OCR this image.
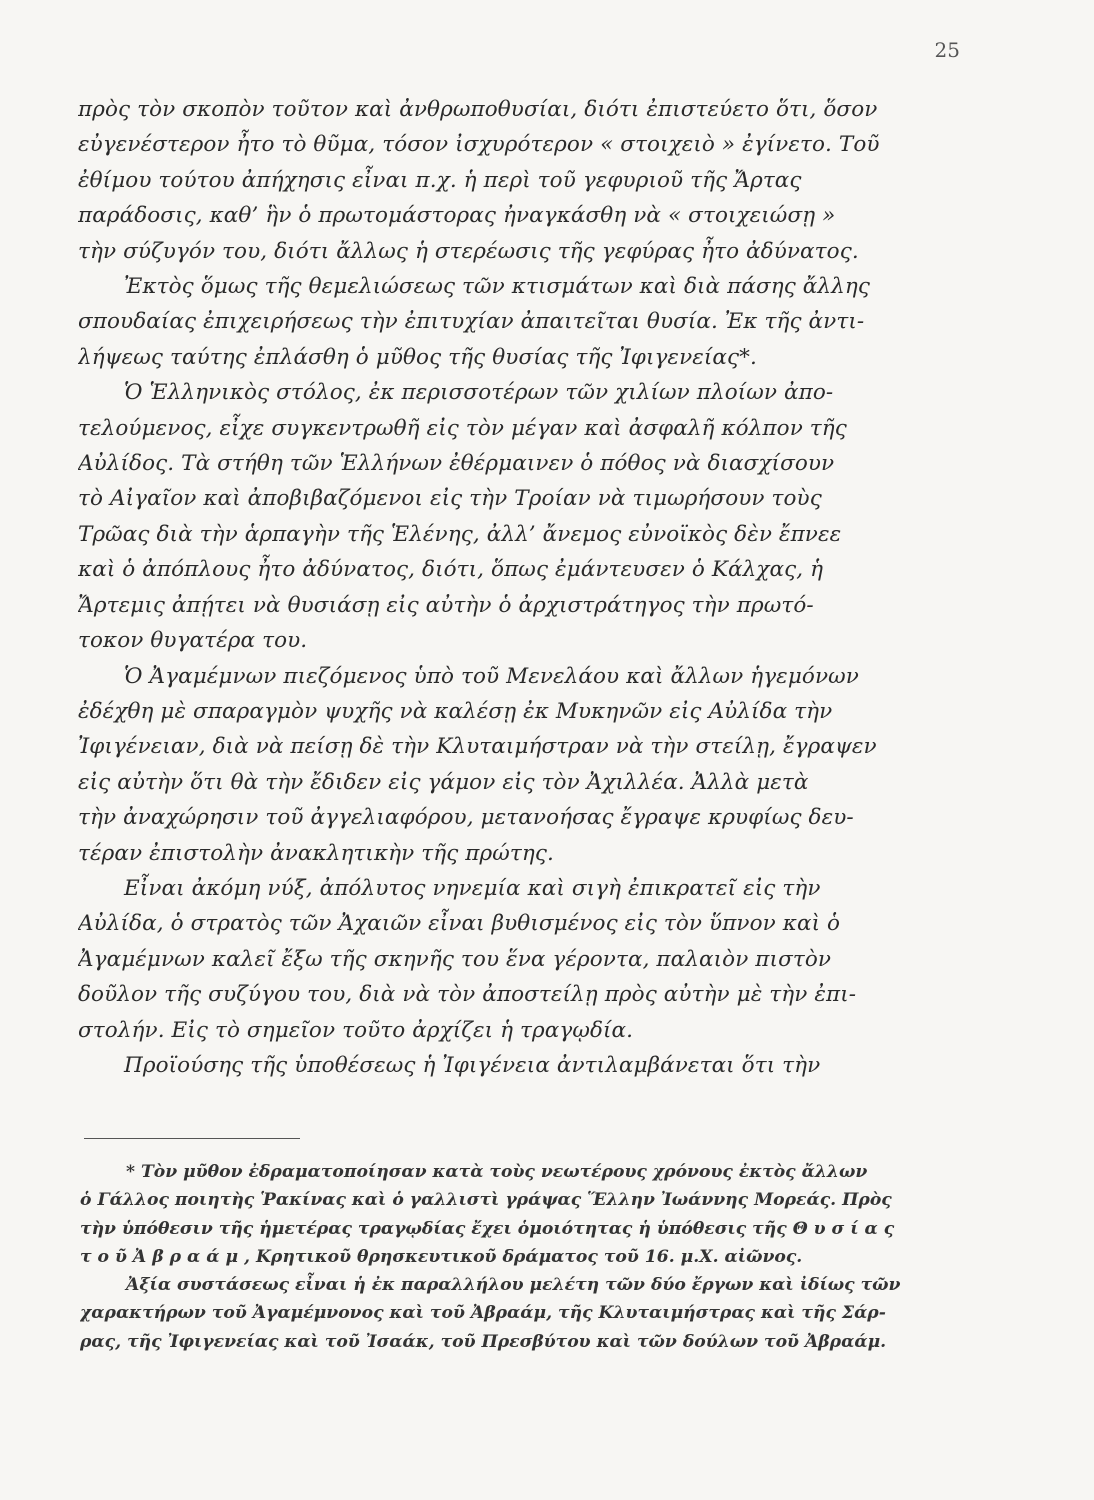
25
πρὸς τὸν σκοπὸν τοῦτον καὶ ἀνθρωποθυσίαι, διότι ἐπιστεύετο ὅτι, ὅσον
εὐγενέστερον ἦτο τὸ θῦμα, τόσον ἰσχυρότερον « στοιχειὸ » ἐγίνετο. Τοῦ
ἐθίμου τούτου ἀπήχησις εἶναι π.χ. ἡ περὶ τοῦ γεφυριοῦ τῆς Ἄρτας
παράδοσις, καθ’ ἣν ὁ πρωτομάστορας ἠναγκάσθη νὰ « στοιχειώσῃ »
τὴν σύζυγόν του, διότι ἄλλως ἡ στερέωσις τῆς γεφύρας ἦτο ἀδύνατος.
Ἐκτὸς ὅμως τῆς θεμελιώσεως τῶν κτισμάτων καὶ διὰ πάσης ἄλλης
σπουδαίας ἐπιχειρήσεως τὴν ἐπιτυχίαν ἀπαιτεῖται θυσία. Ἐκ τῆς ἀντι-
λήψεως ταύτης ἐπλάσθη ὁ μῦθος τῆς θυσίας τῆς Ἰφιγενείας*.
Ὁ Ἑλληνικὸς στόλος, ἐκ περισσοτέρων τῶν χιλίων πλοίων ἀπο-
τελούμενος, εἶχε συγκεντρωθῆ εἰς τὸν μέγαν καὶ ἀσφαλῆ κόλπον τῆς
Αὐλίδος. Τὰ στήθη τῶν Ἑλλήνων ἐθέρμαινεν ὁ πόθος νὰ διασχίσουν
τὸ Αἰγαῖον καὶ ἀποβιβαζόμενοι εἰς τὴν Τροίαν νὰ τιμωρήσουν τοὺς
Τρῶας διὰ τὴν ἁρπαγὴν τῆς Ἑλένης, ἀλλ’ ἄνεμος εὐνοϊκὸς δὲν ἔπνεε
καὶ ὁ ἀπόπλους ἦτο ἀδύνατος, διότι, ὅπως ἐμάντευσεν ὁ Κάλχας, ἡ
Ἄρτεμις ἀπῄτει νὰ θυσιάσῃ εἰς αὐτὴν ὁ ἀρχιστράτηγος τὴν πρωτό-
τοκον θυγατέρα του.
Ὁ Ἀγαμέμνων πιεζόμενος ὑπὸ τοῦ Μενελάου καὶ ἄλλων ἡγεμόνων
ἐδέχθη μὲ σπαραγμὸν ψυχῆς νὰ καλέσῃ ἐκ Μυκηνῶν εἰς Αὐλίδα τὴν
Ἰφιγένειαν, διὰ νὰ πείσῃ δὲ τὴν Κλυταιμήστραν νὰ τὴν στείλῃ, ἔγραψεν
εἰς αὐτὴν ὅτι θὰ τὴν ἔδιδεν εἰς γάμον εἰς τὸν Ἀχιλλέα. Ἀλλὰ μετὰ
τὴν ἀναχώρησιν τοῦ ἀγγελιαφόρου, μετανοήσας ἔγραψε κρυφίως δευ-
τέραν ἐπιστολὴν ἀνακλητικὴν τῆς πρώτης.
Εἶναι ἀκόμη νύξ, ἀπόλυτος νηνεμία καὶ σιγὴ ἐπικρατεῖ εἰς τὴν
Αὐλίδα, ὁ στρατὸς τῶν Ἀχαιῶν εἶναι βυθισμένος εἰς τὸν ὕπνον καὶ ὁ
Ἀγαμέμνων καλεῖ ἔξω τῆς σκηνῆς του ἕνα γέροντα, παλαιὸν πιστὸν
δοῦλον τῆς συζύγου του, διὰ νὰ τὸν ἀποστείλῃ πρὸς αὐτὴν μὲ τὴν ἐπι-
στολήν. Εἰς τὸ σημεῖον τοῦτο ἀρχίζει ἡ τραγῳδία.
Προϊούσης τῆς ὑποθέσεως ἡ Ἰφιγένεια ἀντιλαμβάνεται ὅτι τὴν
* Τὸν μῦθον ἐδραματοποίησαν κατὰ τοὺς νεωτέρους χρόνους ἐκτὸς ἄλλων
ὁ Γάλλος ποιητὴς Ῥακίνας καὶ ὁ γαλλιστὶ γράψας Ἕλλην Ἰωάννης Μορεάς. Πρὸς
τὴν ὑπόθεσιν τῆς ἡμετέρας τραγῳδίας ἔχει ὁμοιότητας ἡ ὑπόθεσις τῆς Θ υ σ ί α ς
τ ο ῦ Ἀ β ρ α ά μ , Κρητικοῦ θρησκευτικοῦ δράματος τοῦ 16. μ.Χ. αἰῶνος.
Ἀξία συστάσεως εἶναι ἡ ἐκ παραλλήλου μελέτη τῶν δύο ἔργων καὶ ἰδίως τῶν
χαρακτήρων τοῦ Ἀγαμέμνονος καὶ τοῦ Ἀβραάμ, τῆς Κλυταιμήστρας καὶ τῆς Σάρ-
ρας, τῆς Ἰφιγενείας καὶ τοῦ Ἰσαάκ, τοῦ Πρεσβύτου καὶ τῶν δούλων τοῦ Ἀβραάμ.
